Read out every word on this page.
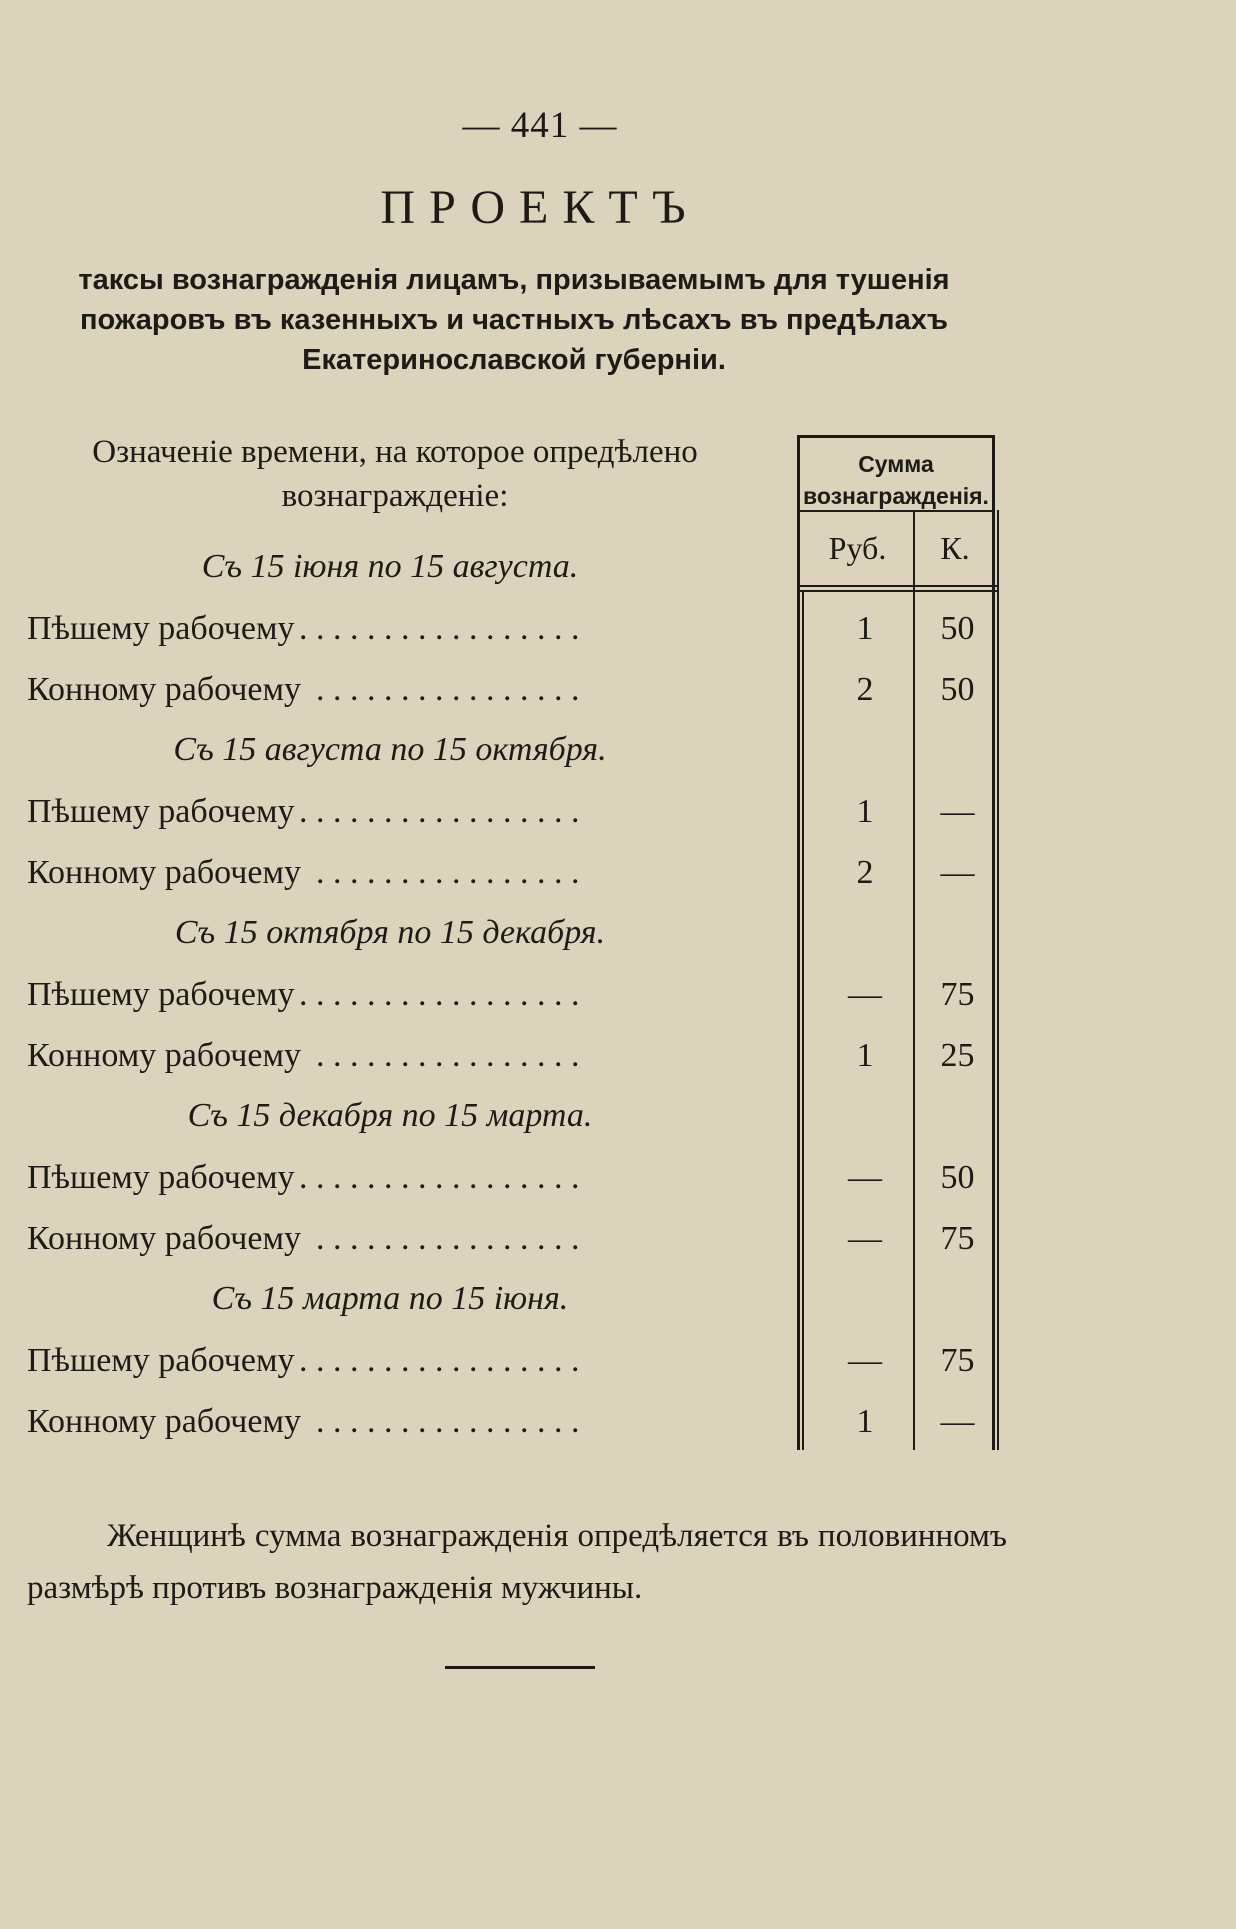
— 441 —
ПРОЕКТЪ
таксы вознагражденія лицамъ, призываемымъ для тушенія пожаровъ въ казенныхъ и частныхъ лѣсахъ въ предѣлахъ Екатеринославской губерніи.
Означеніе времени, на которое опредѣлено вознагражденіе:
Сумма вознагражденія.
Руб.	К.
Съ 15 іюня по 15 августа.
Пѣшему рабочему . . .	1	50
Конному рабочему . . .	2	50
Съ 15 августа по 15 октября.
Пѣшему рабочему . . .	1	—
Конному рабочему . . .	2	—
Съ 15 октября по 15 декабря.
Пѣшему рабочему . . .	—	75
Конному рабочему . . .	1	25
Съ 15 декабря по 15 марта.
Пѣшему рабочему . . .	—	50
Конному рабочему . . .	—	75
Съ 15 марта по 15 іюня.
Пѣшему рабочему . . .	—	75
Конному рабочему . . .	1	—
Женщинѣ сумма вознагражденія опредѣляется въ половинномъ размѣрѣ противъ вознагражденія мужчины.
